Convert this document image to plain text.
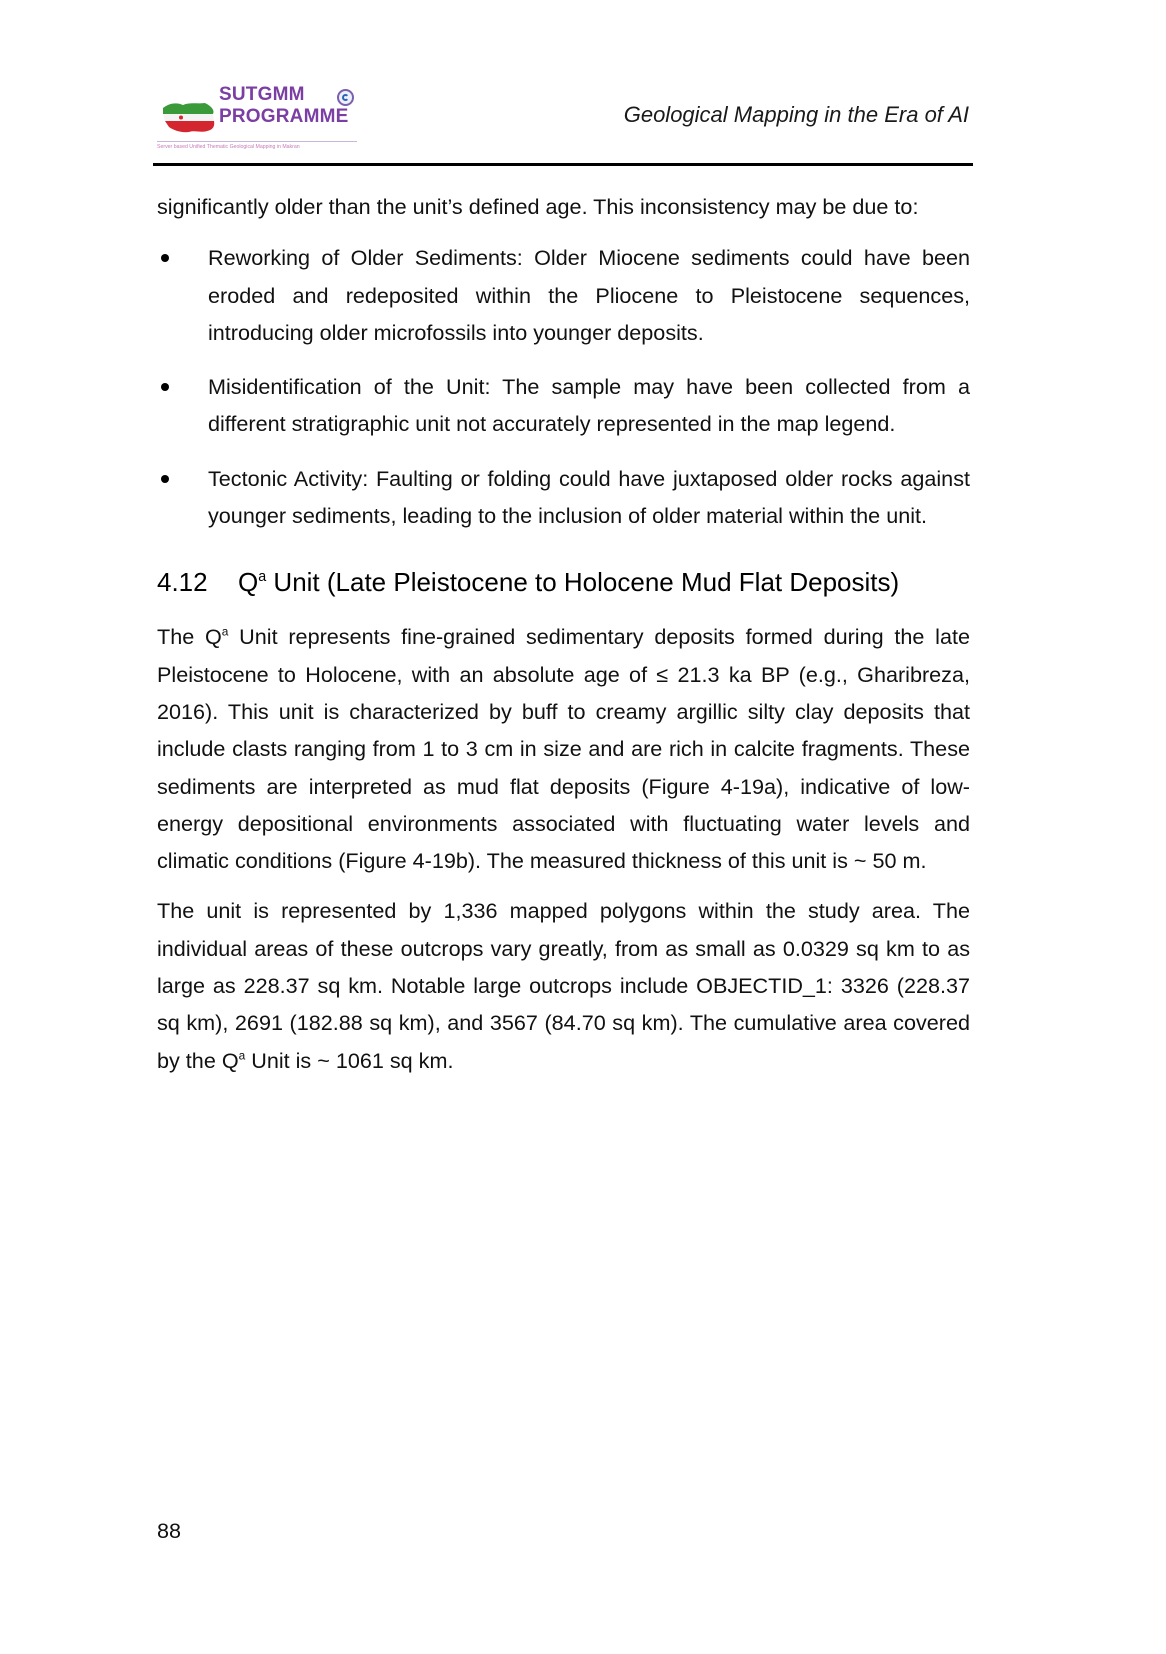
SUTGMM
PROGRAMME
Server based Unified Thematic Geological Mapping in Makran
Geological Mapping in the Era of AI

significantly older than the unit’s defined age. This inconsistency may be due to:

Reworking of Older Sediments: Older Miocene sediments could have been eroded and redeposited within the Pliocene to Pleistocene sequences, introducing older microfossils into younger deposits.

Misidentification of the Unit: The sample may have been collected from a different stratigraphic unit not accurately represented in the map legend.

Tectonic Activity: Faulting or folding could have juxtaposed older rocks against younger sediments, leading to the inclusion of older material within the unit.

4.12 $Q^a$ Unit (Late Pleistocene to Holocene Mud Flat Deposits)

The $Q^a$ Unit represents fine-grained sedimentary deposits formed during the late Pleistocene to Holocene, with an absolute age of ≤ 21.3 ka BP (e.g., Gharibreza, 2016). This unit is characterized by buff to creamy argillic silty clay deposits that include clasts ranging from 1 to 3 cm in size and are rich in calcite fragments. These sediments are interpreted as mud flat deposits (Figure 4-19a), indicative of low-energy depositional environments associated with fluctuating water levels and climatic conditions (Figure 4-19b). The measured thickness of this unit is ~ 50 m.

The unit is represented by 1,336 mapped polygons within the study area. The individual areas of these outcrops vary greatly, from as small as 0.0329 sq km to as large as 228.37 sq km. Notable large outcrops include OBJECTID_1: 3326 (228.37 sq km), 2691 (182.88 sq km), and 3567 (84.70 sq km). The cumulative area covered by the $Q^a$ Unit is ~ 1061 sq km.

88
